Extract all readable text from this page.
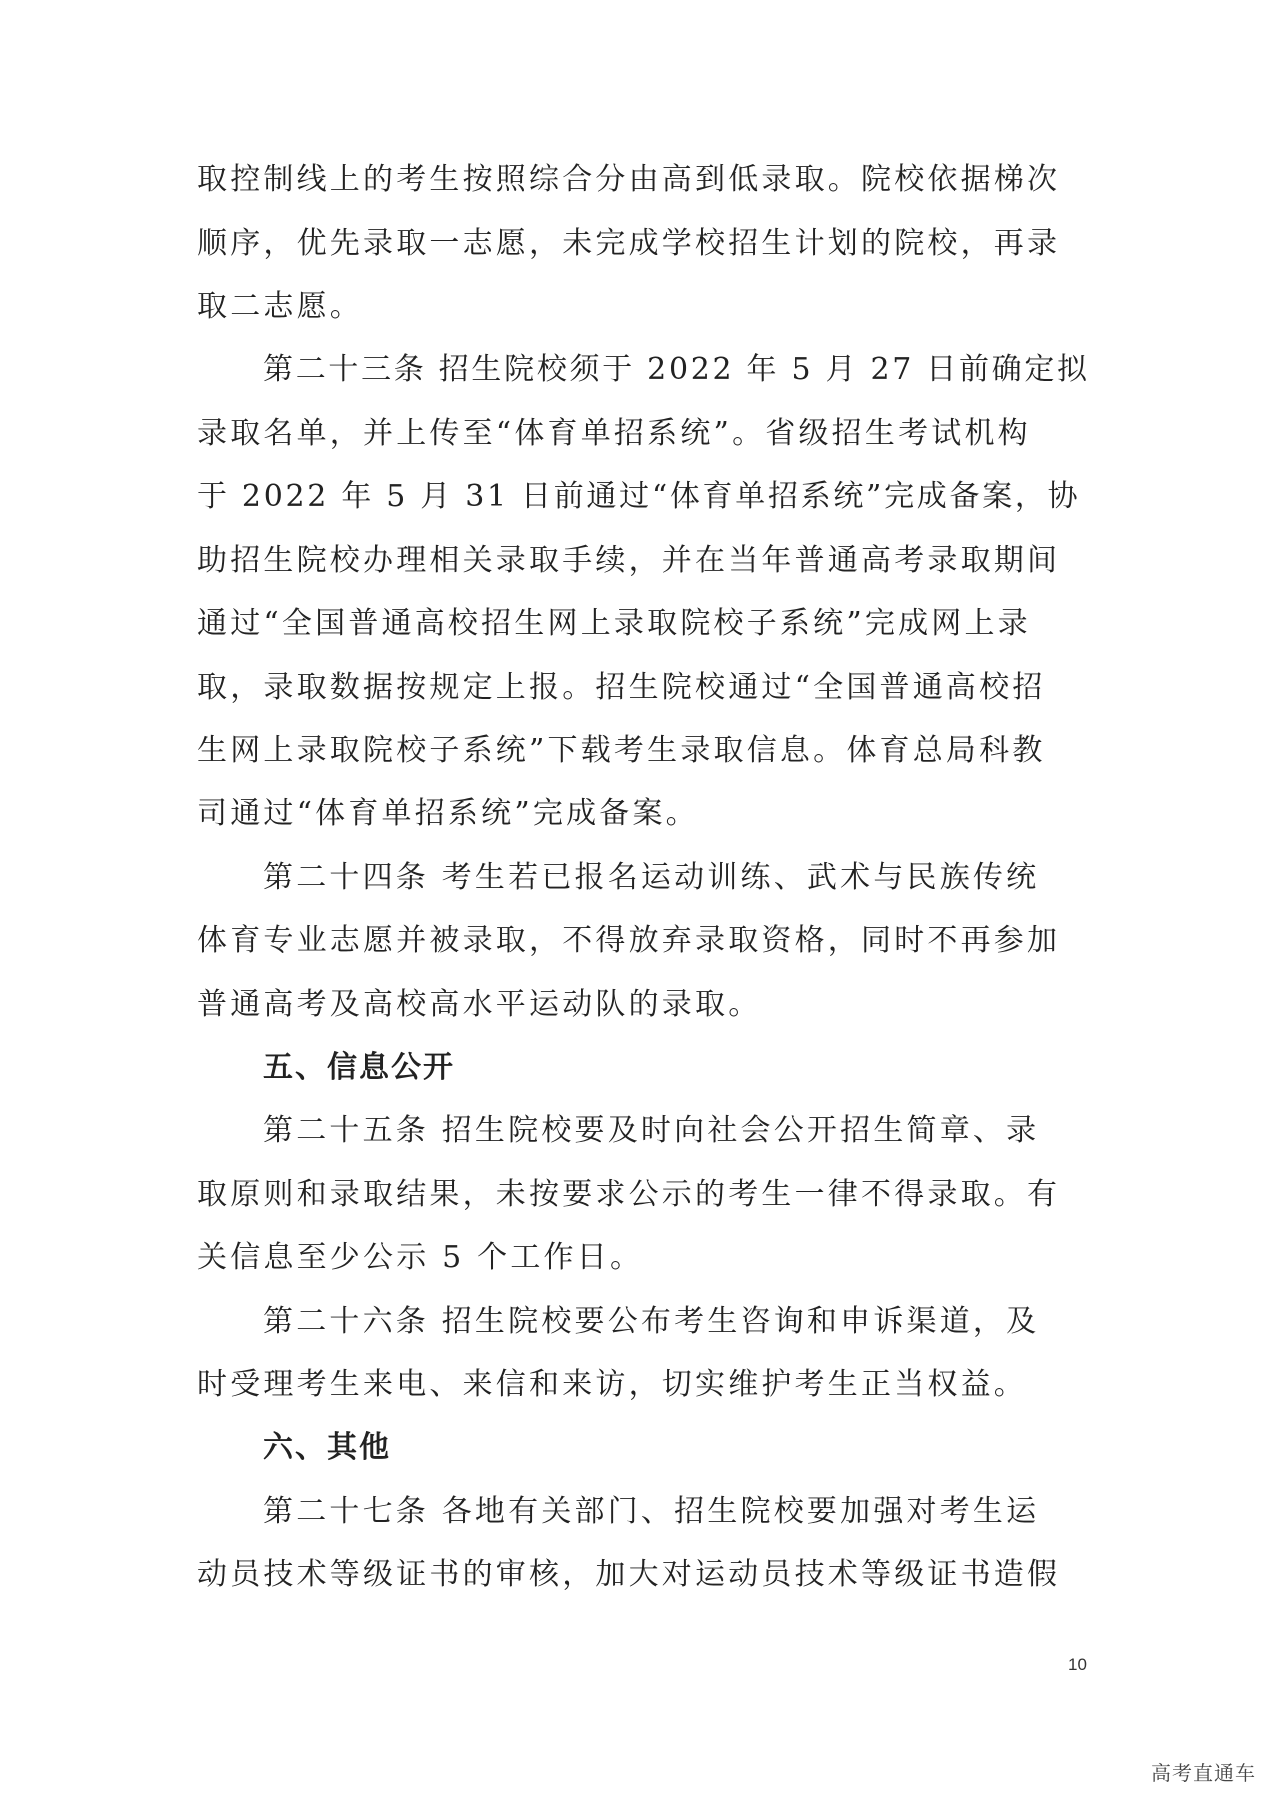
取控制线上的考生按照综合分由高到低录取。院校依据梯次
顺序，优先录取一志愿，未完成学校招生计划的院校，再录
取二志愿。
第二十三条 招生院校须于 2022 年 5 月 27 日前确定拟
录取名单，并上传至“体育单招系统”。省级招生考试机构
于 2022 年 5 月 31 日前通过“体育单招系统”完成备案，协
助招生院校办理相关录取手续，并在当年普通高考录取期间
通过“全国普通高校招生网上录取院校子系统”完成网上录
取，录取数据按规定上报。招生院校通过“全国普通高校招
生网上录取院校子系统”下载考生录取信息。体育总局科教
司通过“体育单招系统”完成备案。
第二十四条 考生若已报名运动训练、武术与民族传统
体育专业志愿并被录取，不得放弃录取资格，同时不再参加
普通高考及高校高水平运动队的录取。
五、信息公开
第二十五条 招生院校要及时向社会公开招生简章、录
取原则和录取结果，未按要求公示的考生一律不得录取。有
关信息至少公示 5 个工作日。
第二十六条 招生院校要公布考生咨询和申诉渠道，及
时受理考生来电、来信和来访，切实维护考生正当权益。
六、其他
第二十七条 各地有关部门、招生院校要加强对考生运
动员技术等级证书的审核，加大对运动员技术等级证书造假
10
高考直通车
